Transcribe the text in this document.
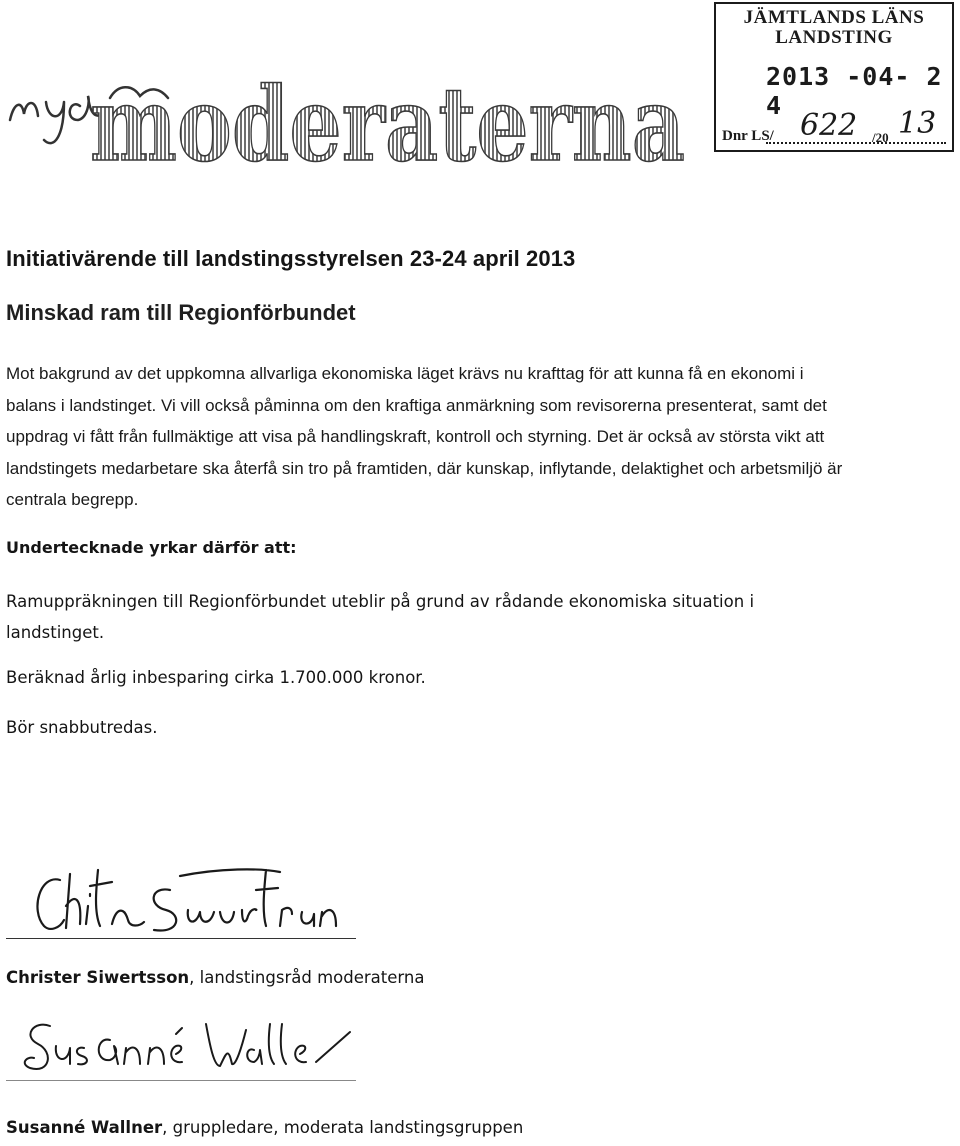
moderaterna
JÄMTLANDS LÄNS
LANDSTING
2013 -04- 2 4
Dnr LS/ 622 /20 13
Initiativärende till landstingsstyrelsen 23-24 april 2013
Minskad ram till Regionförbundet
Mot bakgrund av det uppkomna allvarliga ekonomiska läget krävs nu krafttag för att kunna få en ekonomi i balans i landstinget. Vi vill också påminna om den kraftiga anmärkning som revisorerna presenterat, samt det uppdrag vi fått från fullmäktige att visa på handlingskraft, kontroll och styrning. Det är också av största vikt att landstingets medarbetare ska återfå sin tro på framtiden, där kunskap, inflytande, delaktighet och arbetsmiljö är centrala begrepp.
Undertecknade yrkar därför att:
Ramuppräkningen till Regionförbundet uteblir på grund av rådande ekonomiska situation i landstinget.
Beräknad årlig inbesparing cirka 1.700.000 kronor.
Bör snabbutredas.
Christer Siwertsson, landstingsråd moderaterna
Susanné Wallner, gruppledare, moderata landstingsgruppen
